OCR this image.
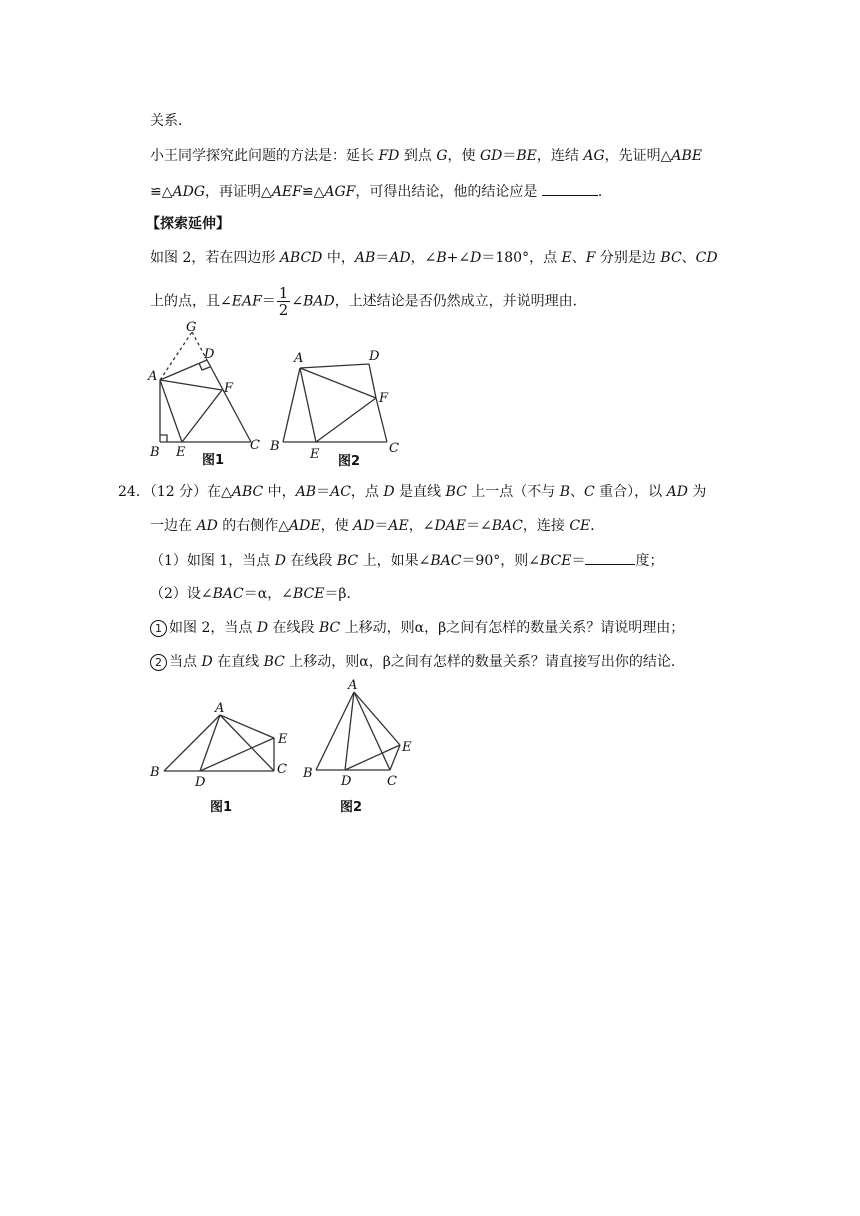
关系．
小王同学探究此问题的方法是：延长 FD 到点 G，使 GD＝BE，连结 AG，先证明△ABE
≌△ADG，再证明△AEF≌△AGF，可得出结论，他的结论应是	．
【探索延伸】
如图 2，若在四边形 ABCD 中，AB＝AD，∠B+∠D＝180°，点 E、F 分别是边 BC、CD
上的点，且∠EAF＝ $\frac{1}{2}$ ∠BAD，上述结论是否仍然成立，并说明理由．
G
D
A
F
B E	C
图1
A	D
F
B
E	C
图2
24．（12 分）在△ABC 中，AB＝AC，点 D 是直线 BC 上一点（不与 B、C 重合），以 AD 为
一边在 AD 的右侧作△ADE，使 AD＝AE，∠DAE＝∠BAC，连接 CE．
（1）如图 1，当点 D 在线段 BC 上，如果∠BAC＝90°，则∠BCE＝	度；
（2）设∠BAC＝α，∠BCE＝β．
1 如图 2，当点 D 在线段 BC 上移动，则α，β之间有怎样的数量关系？请说明理由；
2 当点 D 在直线 BC 上移动，则α，β之间有怎样的数量关系？请直接写出你的结论．
A
E
B
D
C
图1
A
E
B
D	C
图2
